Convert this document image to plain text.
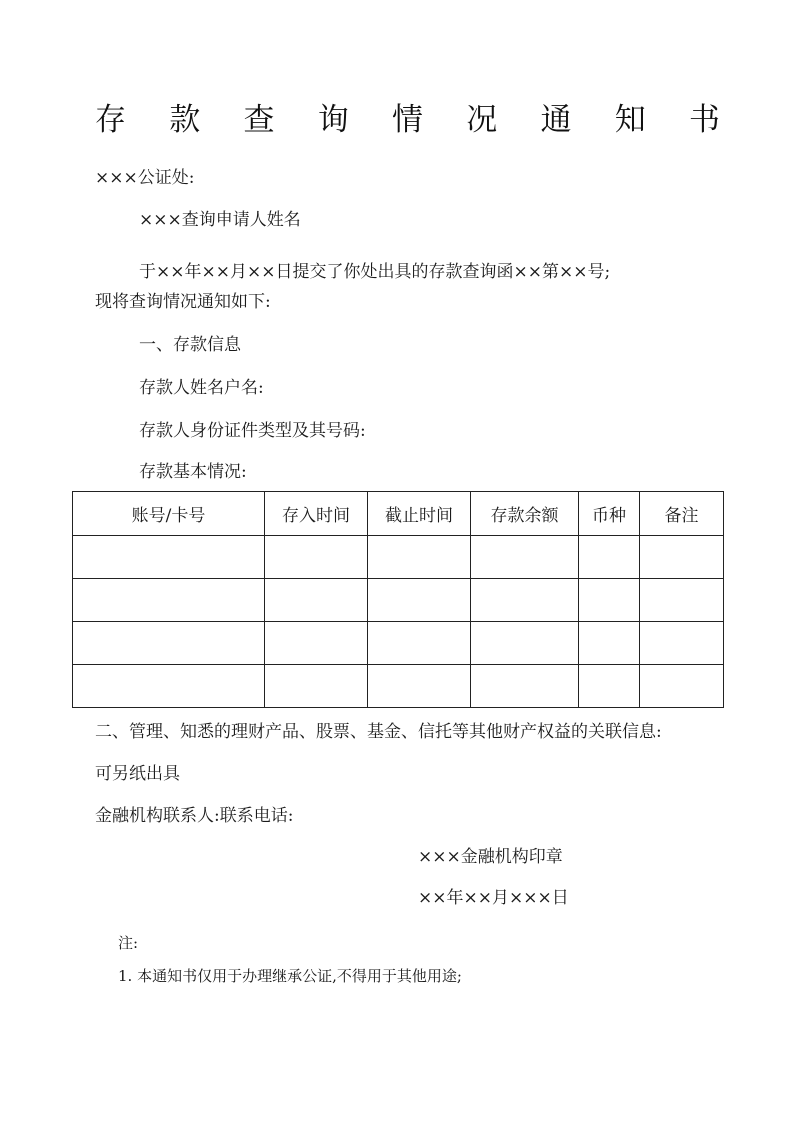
存 款 查 询 情 况 通 知 书
×××公证处:
×××查询申请人姓名
于××年××月××日提交了你处出具的存款查询函××第××号;
现将查询情况通知如下:
一、存款信息
存款人姓名户名:
存款人身份证件类型及其号码:
存款基本情况:
账号/卡号	存入时间	截止时间	存款余额	币种	备注

二、管理、知悉的理财产品、股票、基金、信托等其他财产权益的关联信息:
可另纸出具
金融机构联系人:联系电话:
×××金融机构印章
××年××月×××日
注:
1. 本通知书仅用于办理继承公证,不得用于其他用途;
